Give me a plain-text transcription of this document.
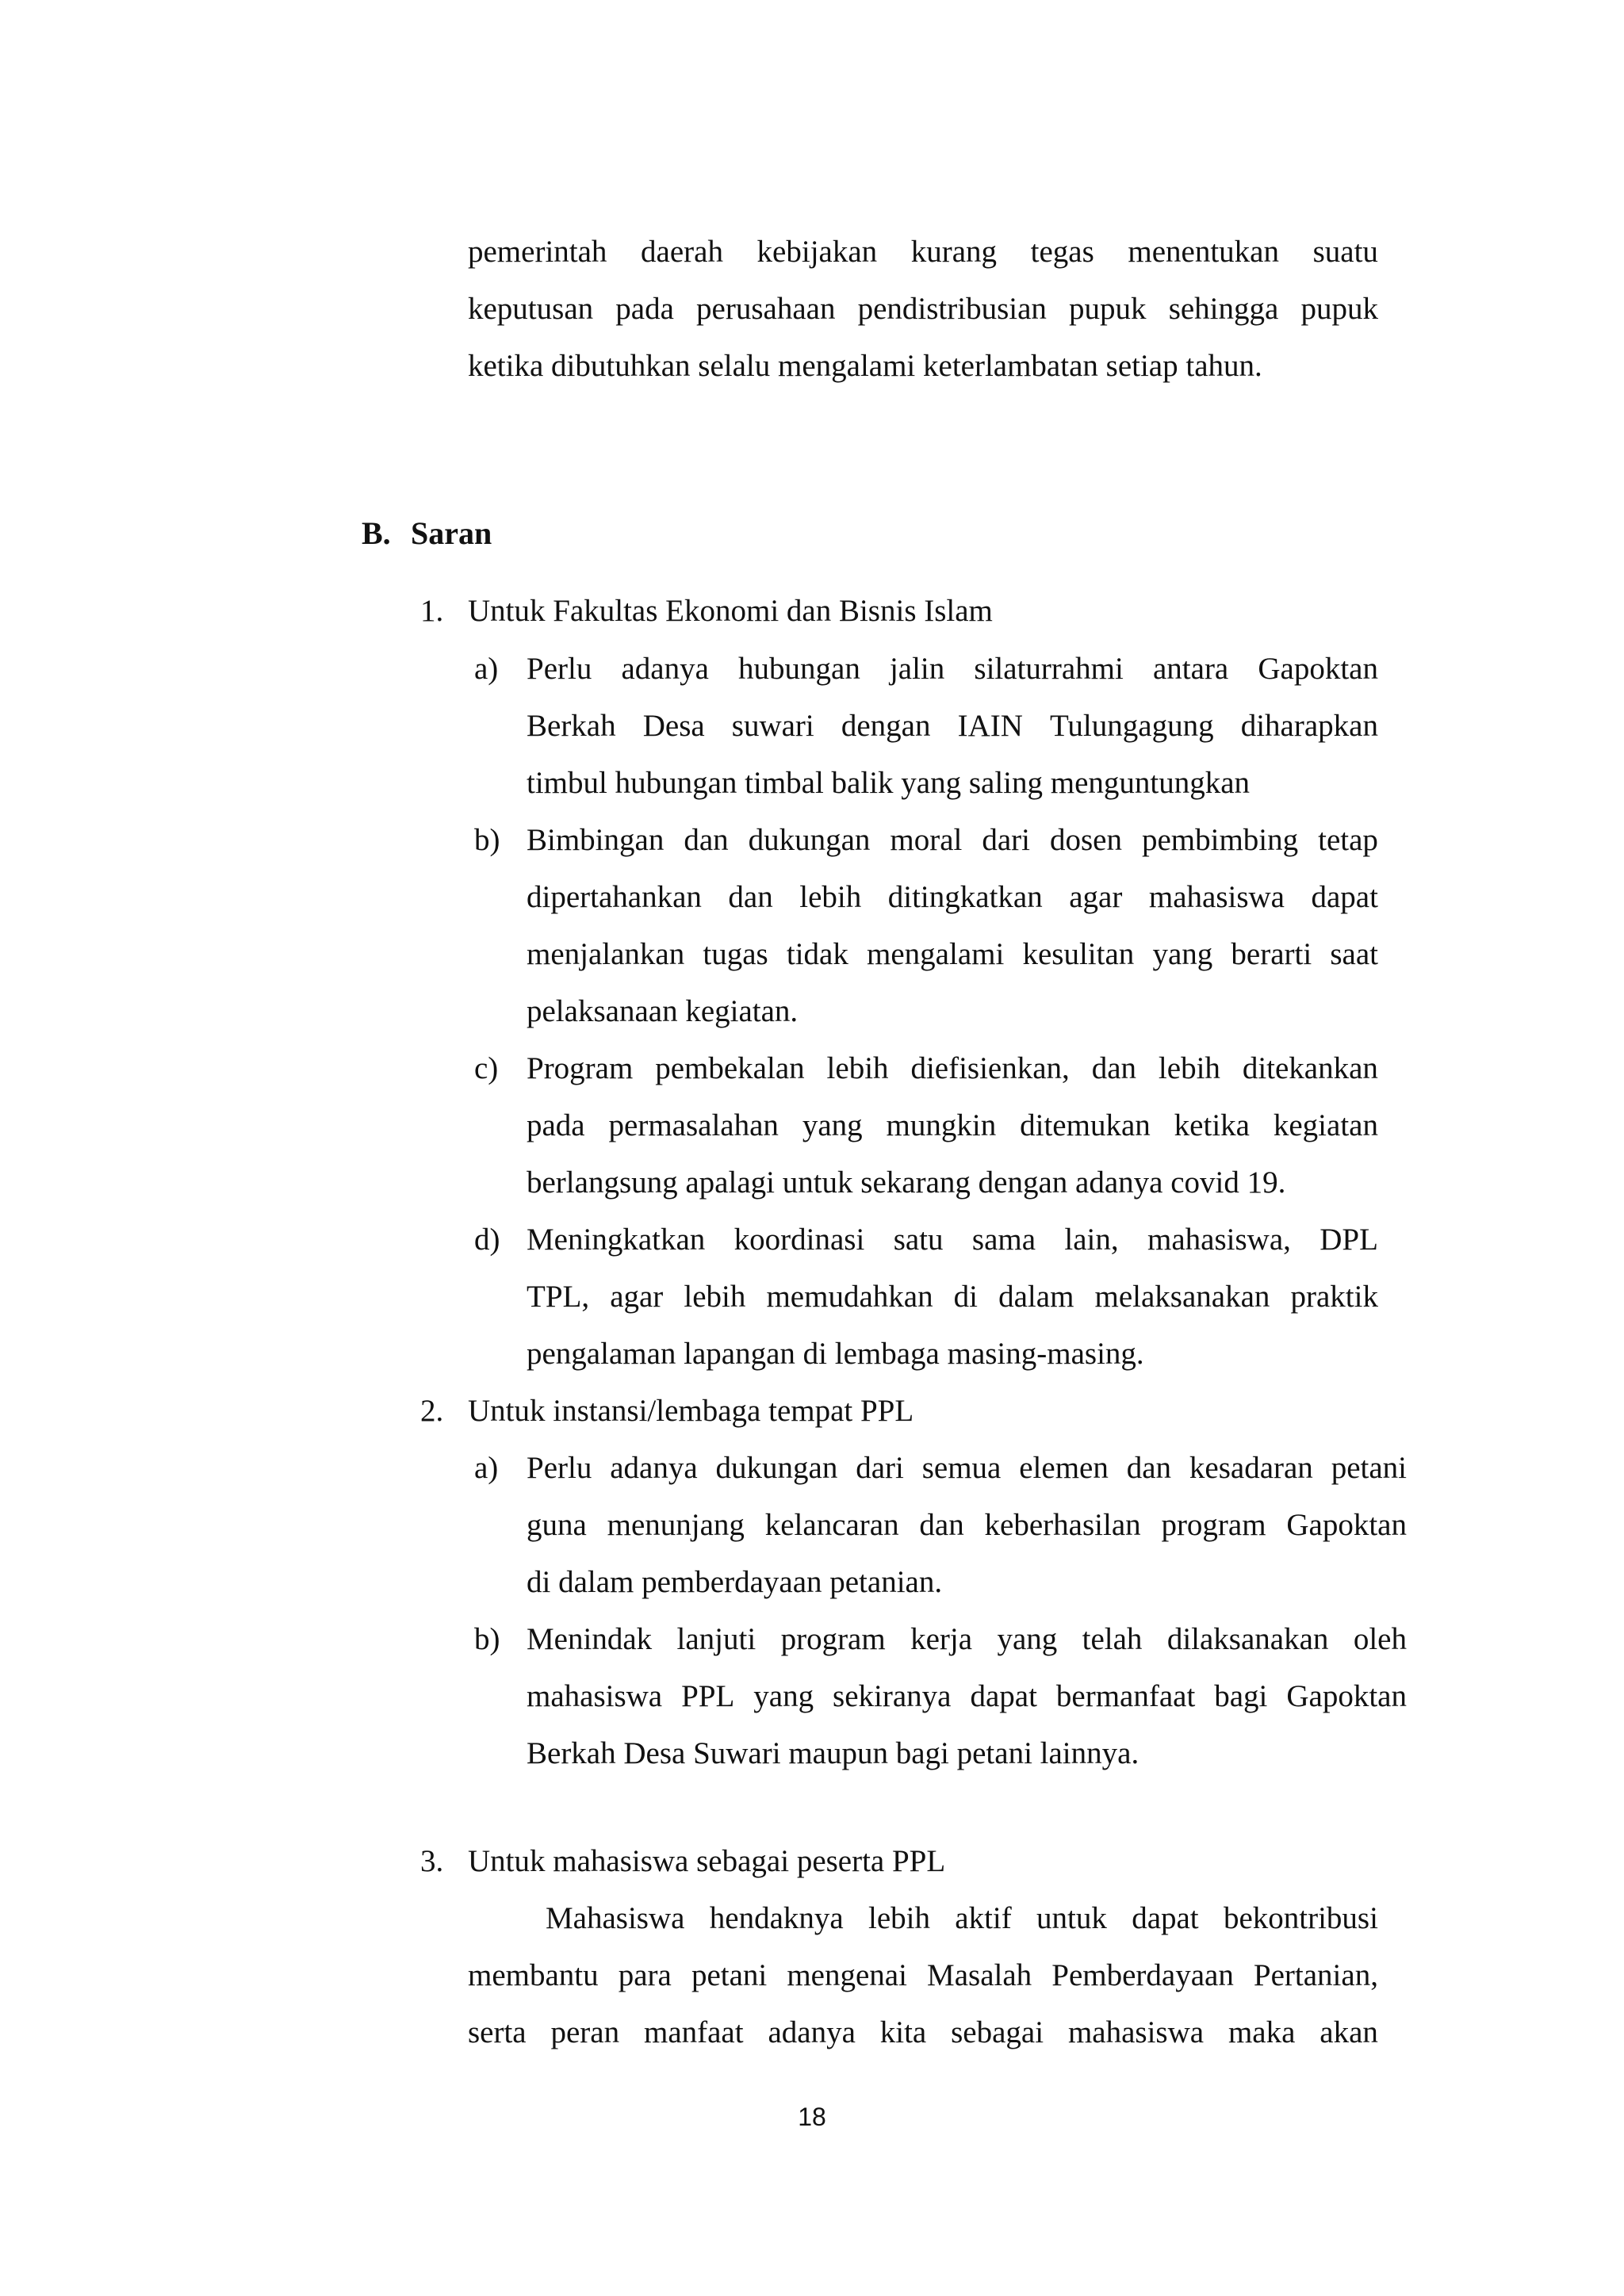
pemerintah daerah kebijakan kurang tegas menentukan suatu
keputusan pada perusahaan pendistribusian pupuk sehingga pupuk
ketika dibutuhkan selalu mengalami keterlambatan setiap tahun.
B. Saran
1. Untuk Fakultas Ekonomi dan Bisnis Islam
a) Perlu adanya hubungan jalin silaturrahmi antara Gapoktan
Berkah Desa suwari dengan IAIN Tulungagung diharapkan
timbul hubungan timbal balik yang saling menguntungkan
b) Bimbingan dan dukungan moral dari dosen pembimbing tetap
dipertahankan dan lebih ditingkatkan agar mahasiswa dapat
menjalankan tugas tidak mengalami kesulitan yang berarti saat
pelaksanaan kegiatan.
c) Program pembekalan lebih diefisienkan, dan lebih ditekankan
pada permasalahan yang mungkin ditemukan ketika kegiatan
berlangsung apalagi untuk sekarang dengan adanya covid 19.
d) Meningkatkan koordinasi satu sama lain, mahasiswa, DPL
TPL, agar lebih memudahkan di dalam melaksanakan praktik
pengalaman lapangan di lembaga masing-masing.
2. Untuk instansi/lembaga tempat PPL
a) Perlu adanya dukungan dari semua elemen dan kesadaran petani
guna menunjang kelancaran dan keberhasilan program Gapoktan
di dalam pemberdayaan petanian.
b) Menindak lanjuti program kerja yang telah dilaksanakan oleh
mahasiswa PPL yang sekiranya dapat bermanfaat bagi Gapoktan
Berkah Desa Suwari maupun bagi petani lainnya.
3. Untuk mahasiswa sebagai peserta PPL
Mahasiswa hendaknya lebih aktif untuk dapat bekontribusi
membantu para petani mengenai Masalah Pemberdayaan Pertanian,
serta peran manfaat adanya kita sebagai mahasiswa maka akan
18
